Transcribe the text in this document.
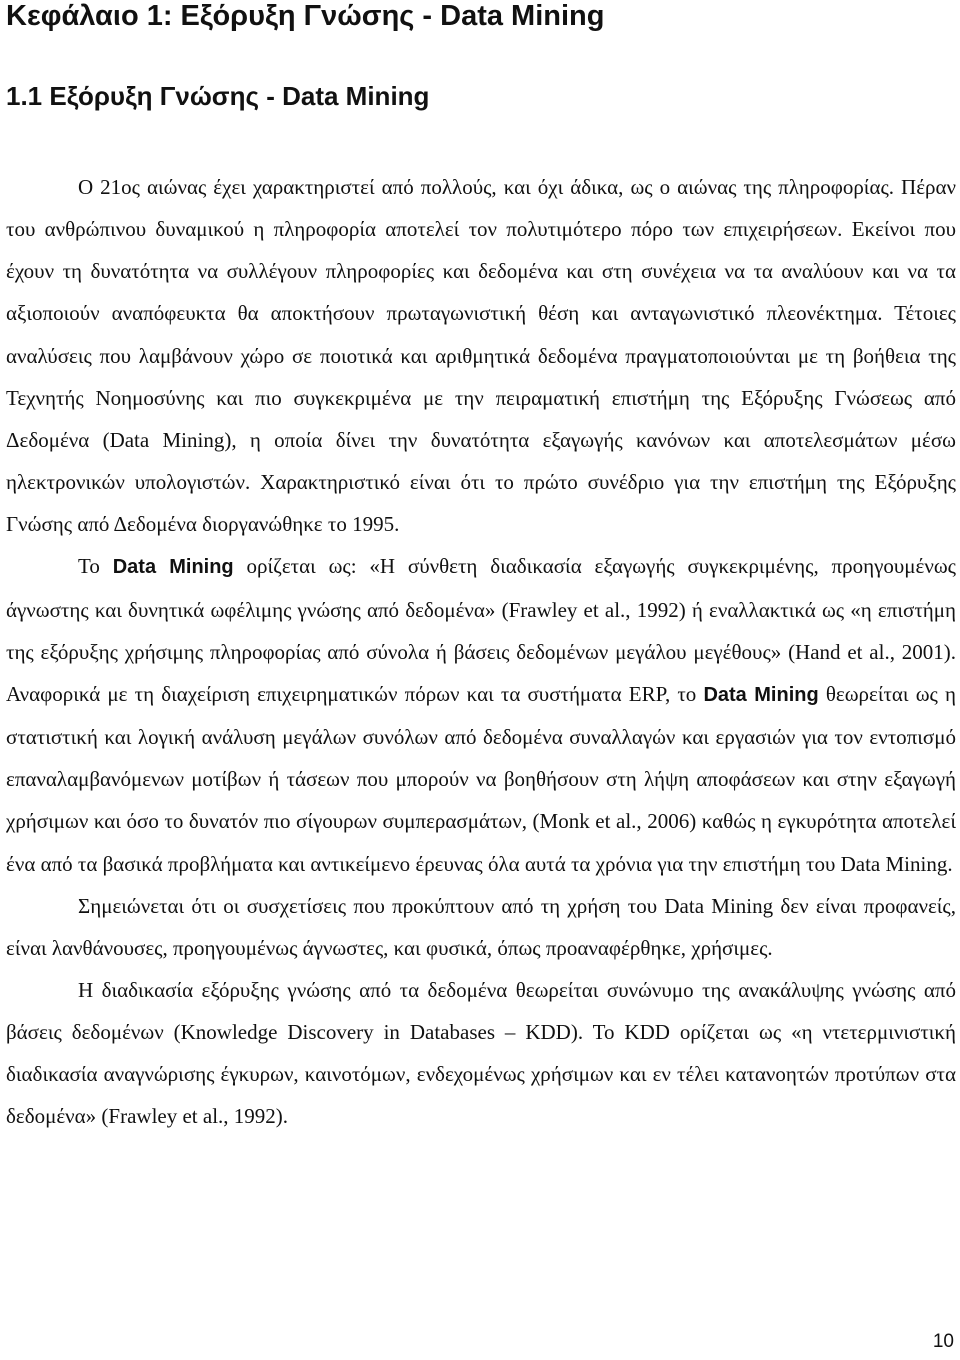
Κεφάλαιο 1: Εξόρυξη Γνώσης - Data Mining
1.1 Εξόρυξη Γνώσης - Data Mining

Ο 21ος αιώνας έχει χαρακτηριστεί από πολλούς, και όχι άδικα, ως ο αιώνας της πληροφορίας. Πέραν του ανθρώπινου δυναμικού η πληροφορία αποτελεί τον πολυτιμότερο πόρο των επιχειρήσεων. Εκείνοι που έχουν τη δυνατότητα να συλλέγουν πληροφορίες και δεδομένα και στη συνέχεια να τα αναλύουν και να τα αξιοποιούν αναπόφευκτα θα αποκτήσουν πρωταγωνιστική θέση και ανταγωνιστικό πλεονέκτημα. Τέτοιες αναλύσεις που λαμβάνουν χώρο σε ποιοτικά και αριθμητικά δεδομένα πραγματοποιούνται με τη βοήθεια της Τεχνητής Νοημοσύνης και πιο συγκεκριμένα με την πειραματική επιστήμη της Εξόρυξης Γνώσεως από Δεδομένα (Data Mining), η οποία δίνει την δυνατότητα εξαγωγής κανόνων και αποτελεσμάτων μέσω ηλεκτρονικών υπολογιστών. Χαρακτηριστικό είναι ότι το πρώτο συνέδριο για την επιστήμη της Εξόρυξης Γνώσης από Δεδομένα διοργανώθηκε το 1995.

Το Data Mining ορίζεται ως: «Η σύνθετη διαδικασία εξαγωγής συγκεκριμένης, προηγουμένως άγνωστης και δυνητικά ωφέλιμης γνώσης από δεδομένα» (Frawley et al., 1992) ή εναλλακτικά ως «η επιστήμη της εξόρυξης χρήσιμης πληροφορίας από σύνολα ή βάσεις δεδομένων μεγάλου μεγέθους» (Hand et al., 2001). Αναφορικά με τη διαχείριση επιχειρηματικών πόρων και τα συστήματα ERP, το Data Mining θεωρείται ως η στατιστική και λογική ανάλυση μεγάλων συνόλων από δεδομένα συναλλαγών και εργασιών για τον εντοπισμό επαναλαμβανόμενων μοτίβων ή τάσεων που μπορούν να βοηθήσουν στη λήψη αποφάσεων και στην εξαγωγή χρήσιμων και όσο το δυνατόν πιο σίγουρων συμπερασμάτων, (Monk et al., 2006) καθώς η εγκυρότητα αποτελεί ένα από τα βασικά προβλήματα και αντικείμενο έρευνας όλα αυτά τα χρόνια για την επιστήμη του Data Mining.

Σημειώνεται ότι οι συσχετίσεις που προκύπτουν από τη χρήση του Data Mining δεν είναι προφανείς, είναι λανθάνουσες, προηγουμένως άγνωστες, και φυσικά, όπως προαναφέρθηκε, χρήσιμες.

Η διαδικασία εξόρυξης γνώσης από τα δεδομένα θεωρείται συνώνυμο της ανακάλυψης γνώσης από βάσεις δεδομένων (Knowledge Discovery in Databases – KDD). Το KDD ορίζεται ως «η ντετερμινιστική διαδικασία αναγνώρισης έγκυρων, καινοτόμων, ενδεχομένως χρήσιμων και εν τέλει κατανοητών προτύπων στα δεδομένα» (Frawley et al., 1992).

10
